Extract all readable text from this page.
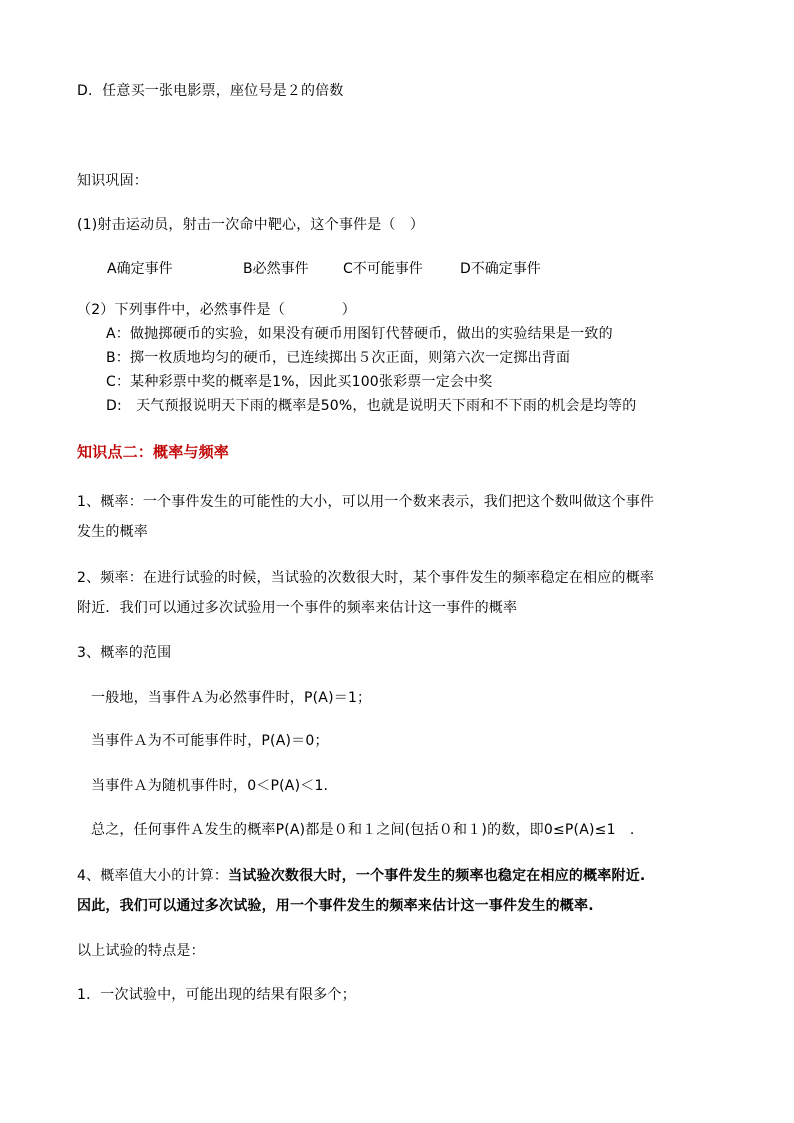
D．任意买一张电影票，座位号是２的倍数
知识巩固：
(1)射击运动员，射击一次命中靶心，这个事件是（　）
A确定事件	B必然事件 C不可能事件	D不确定事件
（2）下列事件中，必然事件是（　　　　）
A：做抛掷硬币的实验，如果没有硬币用图钉代替硬币，做出的实验结果是一致的
B：掷一枚质地均匀的硬币，已连续掷出５次正面，则第六次一定掷出背面
C：某种彩票中奖的概率是1%，因此买100张彩票一定会中奖
D:　天气预报说明天下雨的概率是50%，也就是说明天下雨和不下雨的机会是均等的
知识点二：概率与频率
1、概率：一个事件发生的可能性的大小，可以用一个数来表示，我们把这个数叫做这个事件
发生的概率
2、频率：在进行试验的时候，当试验的次数很大时，某个事件发生的频率稳定在相应的概率
附近．我们可以通过多次试验用一个事件的频率来估计这一事件的概率
3、概率的范围
一般地，当事件Ａ为必然事件时，P(A)＝1；
当事件Ａ为不可能事件时，P(A)＝0；
当事件Ａ为随机事件时，0＜P(A)＜1.
总之，任何事件Ａ发生的概率P(A)都是０和１之间(包括０和１)的数，即0≤P(A)≤1　.
4、概率值大小的计算：当试验次数很大时，一个事件发生的频率也稳定在相应的概率附近.
因此，我们可以通过多次试验，用一个事件发生的频率来估计这一事件发生的概率.
以上试验的特点是：
1．一次试验中，可能出现的结果有限多个；
